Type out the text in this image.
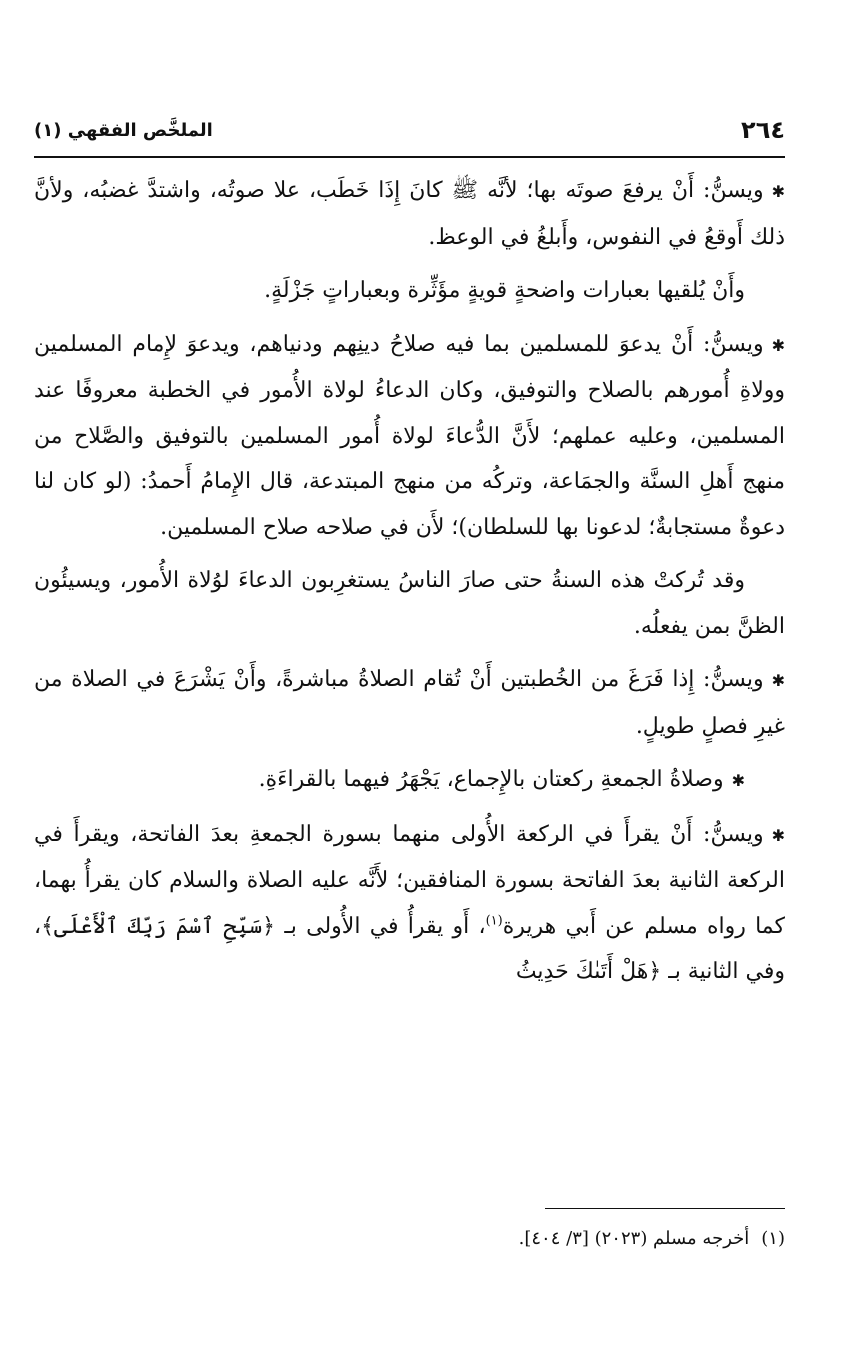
٢٦٤
الملخَّص الفقهي (١)

✱ويسنُّ: أَنْ يرفعَ صوتَه بها؛ لأنَّه ﷺ كانَ إِذَا خَطَب، علا صوتُه، واشتدَّ غضبُه، ولأنَّ ذلك أَوقعُ في النفوس، وأَبلغُ في الوعظ.

وأَنْ يُلقيها بعبارات واضحةٍ قويةٍ مؤَثِّرة وبعباراتٍ جَزْلَةٍ.

✱ويسنُّ: أَنْ يدعوَ للمسلمين بما فيه صلاحُ دينِهم ودنياهم، ويدعوَ لإِمام المسلمين وولاةِ أُمورهم بالصلاح والتوفيق، وكان الدعاءُ لولاة الأُمور في الخطبة معروفًا عند المسلمين، وعليه عملهم؛ لأَنَّ الدُّعاءَ لولاة أُمور المسلمين بالتوفيق والصَّلاح من منهج أَهلِ السنَّة والجمَاعة، وتركُه من منهج المبتدعة، قال الإِمامُ أَحمدُ: (لو كان لنا دعوةٌ مستجابةٌ؛ لدعونا بها للسلطان)؛ لأَن في صلاحه صلاح المسلمين.

وقد تُركتْ هذه السنةُ حتى صارَ الناسُ يستغرِبون الدعاءَ لوُلاة الأُمور، ويسيئُون الظنَّ بمن يفعلُه.

✱ويسنُّ: إِذا فَرَغَ من الخُطبتين أَنْ تُقام الصلاةُ مباشرةً، وأَنْ يَشْرَعَ في الصلاة من غيرِ فصلٍ طويلٍ.

✱وصلاةُ الجمعةِ ركعتان بالإِجماع، يَجْهَرُ فيهما بالقراءَةِ.

✱ويسنُّ: أَنْ يقرأَ في الركعة الأُولى منهما بسورة الجمعةِ بعدَ الفاتحة، ويقرأَ في الركعة الثانية بعدَ الفاتحة بسورة المنافقين؛ لأَنَّه عليه الصلاة والسلام كان يقرأُ بهما، كما رواه مسلم عن أَبي هريرة$^{(١)}$، أَو يقرأُ في الأُولى بـ ﴿سَبِّحِ ٱسْمَ رَبِّكَ ٱلْأَعْلَى﴾، وفي الثانية بـ ﴿هَلْ أَتَىٰكَ حَدِيثُ

(١)أخرجه مسلم (٢٠٢٣) [٣/ ٤٠٤].
